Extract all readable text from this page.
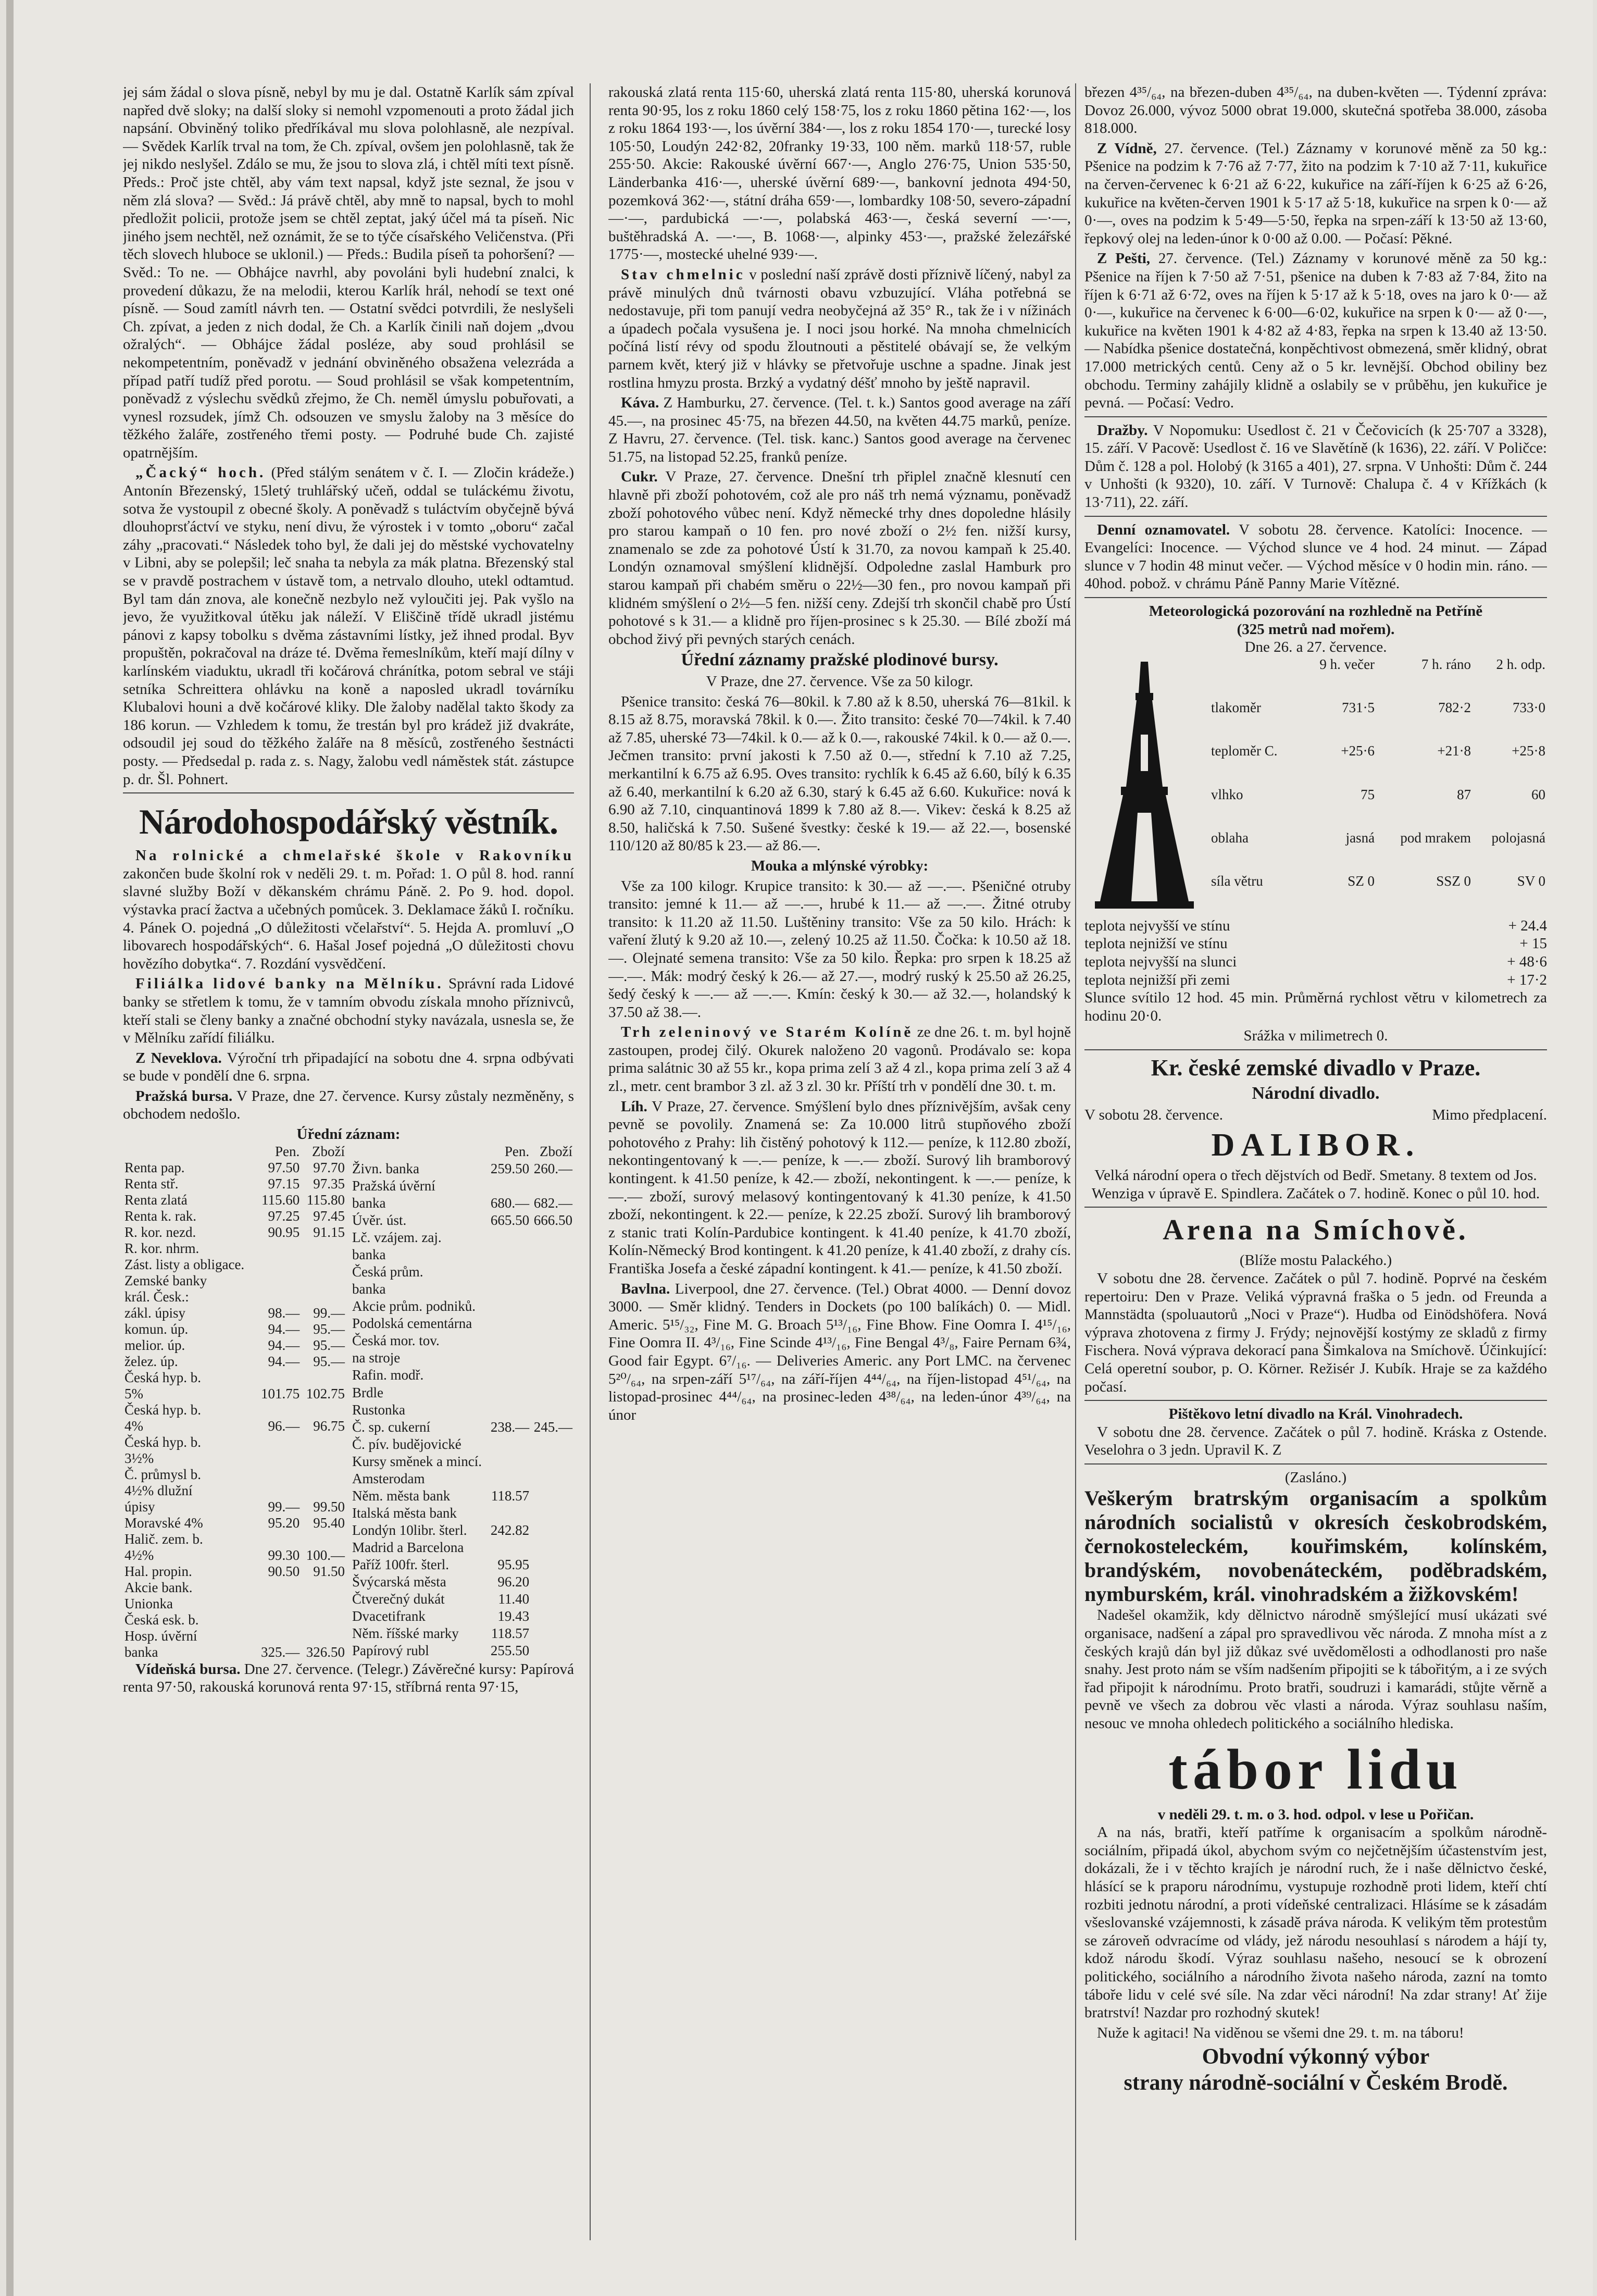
jej sám žádal o slova písně, nebyl by mu je dal. Ostatně Karlík sám zpíval napřed dvě sloky; na další sloky si nemohl vzpomenouti a proto žádal jich napsání. Obviněný toliko předříkával mu slova polohlasně, ale nezpíval. — Svědek Karlík trval na tom, že Ch. zpíval, ovšem jen polohlasně, tak že jej nikdo neslyšel. Zdálo se mu, že jsou to slova zlá, i chtěl míti text písně. Předs.: Proč jste chtěl, aby vám text napsal, když jste seznal, že jsou v něm zlá slova? — Svěd.: Já právě chtěl, aby mně to napsal, bych to mohl předložit policii, protože jsem se chtěl zeptat, jaký účel má ta píseň. Nic jiného jsem nechtěl, než oznámit, že se to týče císařského Veličenstva. (Při těch slovech hluboce se uklonil.) — Předs.: Budila píseň ta pohoršení? — Svěd.: To ne. — Obhájce navrhl, aby povoláni byli hudební znalci, k provedení důkazu, že na melodii, kterou Karlík hrál, nehodí se text oné písně. — Soud zamítl návrh ten. — Ostatní svědci potvrdili, že neslyšeli Ch. zpívat, a jeden z nich dodal, že Ch. a Karlík činili naň dojem „dvou ožralých“. — Obhájce žádal posléze, aby soud prohlásil se nekompetentním, poněvadž v jednání obviněného obsažena velezráda a případ patří tudíž před porotu. — Soud prohlásil se však kompetentním, poněvadž z výslechu svědků zřejmo, že Ch. neměl úmyslu pobuřovati, a vynesl rozsudek, jímž Ch. odsouzen ve smyslu žaloby na 3 měsíce do těžkého žaláře, zostřeného třemi posty. — Podruhé bude Ch. zajisté opatrnějším.

„Čacký“ hoch. (Před stálým senátem v č. I. — Zločin krádeže.) Antonín Březenský, 15letý truhlářský učeň, oddal se tuláckému životu, sotva že vystoupil z obecné školy. A poněvadž s tuláctvím obyčejně bývá dlouhoprsťáctví ve styku, není divu, že výrostek i v tomto „oboru“ začal záhy „pracovati.“ Následek toho byl, že dali jej do městské vychovatelny v Libni, aby se polepšil; leč snaha ta nebyla za mák platna. Březenský stal se v pravdě postrachem v ústavě tom, a netrvalo dlouho, utekl odtamtud. Byl tam dán znova, ale konečně nezbylo než vyloučiti jej. Pak vyšlo na jevo, že využitkoval útěku jak náleží. V Eliščině třídě ukradl jistému pánovi z kapsy tobolku s dvěma zástavními lístky, jež ihned prodal. Byv propuštěn, pokračoval na dráze té. Dvěma řemeslníkům, kteří mají dílny v karlínském viaduktu, ukradl tři kočárová chránítka, potom sebral ve stáji setníka Schreittera ohlávku na koně a naposled ukradl továrníku Klubalovi houni a dvě kočárové kliky. Dle žaloby nadělal takto škody za 186 korun. — Vzhledem k tomu, že trestán byl pro krádež již dvakráte, odsoudil jej soud do těžkého žaláře na 8 měsíců, zostřeného šestnácti posty. — Předsedal p. rada z. s. Nagy, žalobu vedl náměstek stát. zástupce p. dr. Šl. Pohnert.

Národohospodářský věstník.

Na rolnické a chmelařské škole v Rakovníku zakončen bude školní rok v neděli 29. t. m. Pořad: 1. O půl 8. hod. ranní slavné služby Boží v děkanském chrámu Páně. 2. Po 9. hod. dopol. výstavka prací žactva a učebných pomůcek. 3. Deklamace žáků I. ročníku. 4. Pánek O. pojedná „O důležitosti včelařství“. 5. Hejda A. promluví „O libovarech hospodářských“. 6. Hašal Josef pojedná „O důležitosti chovu hovězího dobytka“. 7. Rozdání vysvědčení.

Filiálka lidové banky na Mělníku. Správní rada Lidové banky se střetlem k tomu, že v tamním obvodu získala mnoho příznivců, kteří stali se členy banky a značné obchodní styky navázala, usnesla se, že v Mělníku zařídí filiálku.

Z Neveklova. Výroční trh připadající na sobotu dne 4. srpna odbývati se bude v pondělí dne 6. srpna.

Pražská bursa. V Praze, dne 27. července. Kursy zůstaly nezměněny, s obchodem nedošlo.

Úřední záznam:
	Pen.	Zboží
Renta pap.	97.50	97.70
Renta stř.	97.15	97.35
Renta zlatá	115.60	115.80
Renta k. rak.	97.25	97.45
R. kor. nezd.	90.95	91.15
R. kor. nhrm.		
Zást. listy a obligace.		
Zemské banky		
král. Česk.:		
zákl. úpisy	98.—	99.—
komun. úp.	94.—	95.—
melior. úp.	94.—	95.—
želez. úp.	94.—	95.—
Česká hyp. b.		
5%	101.75	102.75
Česká hyp. b.		
4%	96.—	96.75
Česká hyp. b.		
3½%		
Č. průmysl b.		
4½% dlužní		
úpisy	99.—	99.50
Moravské 4%	95.20	95.40
Halič. zem. b.		
4½%	99.30	100.—
Hal. propin.	90.50	91.50
Akcie bank.		
Unionka		
Česká esk. b.		
Hosp. úvěrní		
banka	325.—	326.50
	Pen.	Zboží
Živn. banka	259.50	260.—
Pražská úvěrní		
banka	680.—	682.—
Úvěr. úst.	665.50	666.50
Lč. vzájem. zaj.		
banka		
Česká prům.		
banka		
Akcie prům. podniků.		
Podolská cementárna		
Česká mor. tov.		
na stroje		
Rafin. modř.		
Brdle		
Rustonka		
Č. sp. cukerní	238.—	245.—
Č. pív. budějovické		
Kursy směnek a mincí.		
Amsterodam		
Něm. města bank	118.57	
Italská města bank		
Londýn 10libr. šterl.	242.82	
Madrid a Barcelona		
Paříž 100fr. šterl.	95.95	
Švýcarská města	96.20	
Čtverečný dukát	11.40	
Dvacetifrank	19.43	
Něm. říšské marky	118.57	
Papírový rubl	255.50	

Vídeňská bursa. Dne 27. července. (Telegr.) Závěrečné kursy: Papírová renta 97·50, rakouská korunová renta 97·15, stříbrná renta 97·15,

rakouská zlatá renta 115·60, uherská zlatá renta 115·80, uherská korunová renta 90·95, los z roku 1860 celý 158·75, los z roku 1860 pětina 162·—, los z roku 1864 193·—, los úvěrní 384·—, los z roku 1854 170·—, turecké losy 105·50, Loudýn 242·82, 20franky 19·33, 100 něm. marků 118·57, ruble 255·50. Akcie: Rakouské úvěrní 667·—, Anglo 276·75, Union 535·50, Länderbanka 416·—, uherské úvěrní 689·—, bankovní jednota 494·50, pozemková 362·—, státní dráha 659·—, lombardky 108·50, severo-západní —·—, pardubická —·—, polabská 463·—, česká severní —·—, buštěhradská A. —·—, B. 1068·—, alpinky 453·—, pražské železářské 1775·—, mostecké uhelné 939·—.

Stav chmelnic v poslední naší zprávě dosti příznivě líčený, nabyl za právě minulých dnů tvárnosti obavu vzbuzující. Vláha potřebná se nedostavuje, při tom panují vedra neobyčejná až 35° R., tak že i v nížinách a úpadech počala vysušena je. I noci jsou horké. Na mnoha chmelnicích počíná listí révy od spodu žloutnouti a pěstitelé obávají se, že velkým parnem květ, který již v hlávky se přetvořuje uschne a spadne. Jinak jest rostlina hmyzu prosta. Brzký a vydatný déšť mnoho by ještě napravil.

Káva. Z Hamburku, 27. července. (Tel. t. k.) Santos good average na září 45.—, na prosinec 45·75, na březen 44.50, na květen 44.75 marků, peníze. Z Havru, 27. července. (Tel. tisk. kanc.) Santos good average na červenec 51.75, na listopad 52.25, franků peníze.

Cukr. V Praze, 27. července. Dnešní trh připlel značně klesnutí cen hlavně při zboží pohotovém, což ale pro náš trh nemá významu, poněvadž zboží pohotového vůbec není. Když německé trhy dnes dopoledne hlásily pro starou kampaň o 10 fen. pro nové zboží o 2½ fen. nižší kursy, znamenalo se zde za pohotové Ústí k 31.70, za novou kampaň k 25.40. Londýn oznamoval smýšlení klidnější. Odpoledne zaslal Hamburk pro starou kampaň při chabém směru o 22½—30 fen., pro novou kampaň při klidném smýšlení o 2½—5 fen. nižší ceny. Zdejší trh skončil chabě pro Ústí pohotové s k 31.— a klidně pro říjen-prosinec s k 25.30. — Bílé zboží má obchod živý při pevných starých cenách.

Úřední záznamy pražské plodinové bursy.

V Praze, dne 27. července. Vše za 50 kilogr.

Pšenice transito: česká 76—80kil. k 7.80 až k 8.50, uherská 76—81kil. k 8.15 až 8.75, moravská 78kil. k 0.—. Žito transito: české 70—74kil. k 7.40 až 7.85, uherské 73—74kil. k 0.— až k 0.—, rakouské 74kil. k 0.— až 0.—. Ječmen transito: první jakosti k 7.50 až 0.—, střední k 7.10 až 7.25, merkantilní k 6.75 až 6.95. Oves transito: rychlík k 6.45 až 6.60, bílý k 6.35 až 6.40, merkantilní k 6.20 až 6.30, starý k 6.45 až 6.60. Kukuřice: nová k 6.90 až 7.10, cinquantinová 1899 k 7.80 až 8.—. Vikev: česká k 8.25 až 8.50, haličská k 7.50. Sušené švestky: české k 19.— až 22.—, bosenské 110/120 až 80/85 k 23.— až 86.—.

Mouka a mlýnské výrobky:

Vše za 100 kilogr. Krupice transito: k 30.— až —.—. Pšeničné otruby transito: jemné k 11.— až —.—, hrubé k 11.— až —.—. Žitné otruby transito: k 11.20 až 11.50. Luštěniny transito: Vše za 50 kilo. Hrách: k vaření žlutý k 9.20 až 10.—, zelený 10.25 až 11.50. Čočka: k 10.50 až 18.—. Olejnaté semena transito: Vše za 50 kilo. Řepka: pro srpen k 18.25 až —.—. Mák: modrý český k 26.— až 27.—, modrý ruský k 25.50 až 26.25, šedý český k —.— až —.—. Kmín: český k 30.— až 32.—, holandský k 37.50 až 38.—.

Trh zeleninový ve Starém Kolíně ze dne 26. t. m. byl hojně zastoupen, prodej čilý. Okurek naloženo 20 vagonů. Prodávalo se: kopa prima salátnic 30 až 55 kr., kopa prima zelí 3 až 4 zl., kopa prima zelí 3 až 4 zl., metr. cent brambor 3 zl. až 3 zl. 30 kr. Příští trh v pondělí dne 30. t. m.

Líh. V Praze, 27. července. Smýšlení bylo dnes příznivějším, avšak ceny pevně se povolily. Znamená se: Za 10.000 litrů stupňového zboží pohotového z Prahy: lih čistěný pohotový k 112.— peníze, k 112.80 zboží, nekontingentovaný k —.— peníze, k —.— zboží. Surový lih bramborový kontingent. k 41.50 peníze, k 42.— zboží, nekontingent. k —.— peníze, k —.— zboží, surový melasový kontingentovaný k 41.30 peníze, k 41.50 zboží, nekontingent. k 22.— peníze, k 22.25 zboží. Surový lih bramborový z stanic trati Kolín-Pardubice kontingent. k 41.40 peníze, k 41.70 zboží, Kolín-Německý Brod kontingent. k 41.20 peníze, k 41.40 zboží, z drahy cís. Františka Josefa a české západní kontingent. k 41.— peníze, k 41.50 zboží.

Bavlna. Liverpool, dne 27. července. (Tel.) Obrat 4000. — Denní dovoz 3000. — Směr klidný. Tenders in Dockets (po 100 balíkách) 0. — Midl. Americ. 5¹⁵/₃₂, Fine M. G. Broach 5¹³/₁₆, Fine Bhow. Fine Oomra I. 4¹⁵/₁₆, Fine Oomra II. 4³/₁₆, Fine Scinde 4¹³/₁₆, Fine Bengal 4³/₈, Faire Pernam 6¾, Good fair Egypt. 6⁷/₁₆. — Deliveries Americ. any Port LMC. na červenec 5²⁰/₆₄, na srpen-září 5¹⁷/₆₄, na září-říjen 4⁴⁴/₆₄, na říjen-listopad 4⁵¹/₆₄, na listopad-prosinec 4⁴⁴/₆₄, na prosinec-leden 4³⁸/₆₄, na leden-únor 4³⁹/₆₄, na únor

březen 4³⁵/₆₄, na březen-duben 4³⁵/₆₄, na duben-květen —. Týdenní zpráva: Dovoz 26.000, vývoz 5000 obrat 19.000, skutečná spotřeba 38.000, zásoba 818.000.

Z Vídně, 27. července. (Tel.) Záznamy v korunové měně za 50 kg.: Pšenice na podzim k 7·76 až 7·77, žito na podzim k 7·10 až 7·11, kukuřice na červen-červenec k 6·21 až 6·22, kukuřice na září-říjen k 6·25 až 6·26, kukuřice na květen-červen 1901 k 5·17 až 5·18, kukuřice na srpen k 0·— až 0·—, oves na podzim k 5·49—5·50, řepka na srpen-září k 13·50 až 13·60, řepkový olej na leden-únor k 0·00 až 0.00. — Počasí: Pěkné.

Z Pešti, 27. července. (Tel.) Záznamy v korunové měně za 50 kg.: Pšenice na říjen k 7·50 až 7·51, pšenice na duben k 7·83 až 7·84, žito na říjen k 6·71 až 6·72, oves na říjen k 5·17 až k 5·18, oves na jaro k 0·— až 0·—, kukuřice na červenec k 6·00—6·02, kukuřice na srpen k 0·— až 0·—, kukuřice na květen 1901 k 4·82 až 4·83, řepka na srpen k 13.40 až 13·50. — Nabídka pšenice dostatečná, konpěchtivost obmezená, směr klidný, obrat 17.000 metrických centů. Ceny až o 5 kr. levnější. Obchod obiliny bez obchodu. Terminy zahájily klidně a oslabily se v průběhu, jen kukuřice je pevná. — Počasí: Vedro.

Dražby. V Nopomuku: Usedlost č. 21 v Čečovicích (k 25·707 a 3328), 15. září. V Pacově: Usedlost č. 16 ve Slavětíně (k 1636), 22. září. V Poličce: Dům č. 128 a pol. Holobý (k 3165 a 401), 27. srpna. V Unhošti: Dům č. 244 v Unhošti (k 9320), 10. září. V Turnově: Chalupa č. 4 v Křížkách (k 13·711), 22. září.

Denní oznamovatel. V sobotu 28. července. Katolíci: Inocence. — Evangelíci: Inocence. — Východ slunce ve 4 hod. 24 minut. — Západ slunce v 7 hodin 48 minut večer. — Východ měsíce v 0 hodin min. ráno. — 40hod. pobož. v chrámu Páně Panny Marie Vítězné.

Meteorologická pozorování na rozhledně na Petříně
(325 metrů nad mořem).
Dne 26. a 27. července.
	9 h. večer	7 h. ráno	2 h. odp.
tlakoměr	731·5	782·2	733·0
teploměr C.	+25·6	+21·8	+25·8
vlhko	75	87	60
oblaha	jasná	pod mrakem	polojasná
síla větru	SZ 0	SSZ 0	SV 0
teplota nejvyšší ve stínu	+ 24.4
teplota nejnižší ve stínu	+ 15
teplota nejvyšší na slunci	+ 48·6
teplota nejnižší při zemi	+ 17·2

Slunce svítilo 12 hod. 45 min. Průměrná rychlost větru v kilometrech za hodinu 20·0.

Srážka v milimetrech 0.

Kr. české zemské divadlo v Praze.
Národní divadlo.
V sobotu 28. července.	Mimo předplacení.
DALIBOR.

Velká národní opera o třech dějstvích od Bedř. Smetany. 8 textem od Jos. Wenziga v úpravě E. Spindlera. Začátek o 7. hodině. Konec o půl 10. hod.

Arena na Smíchově.
(Blíže mostu Palackého.)

V sobotu dne 28. července. Začátek o půl 7. hodině. Poprvé na českém repertoiru: Den v Praze. Veliká výpravná fraška o 5 jedn. od Freunda a Mannstädta (spoluautorů „Noci v Praze“). Hudba od Einödshöfera. Nová výprava zhotovena z firmy J. Frýdy; nejnovější kostýmy ze skladů z firmy Fischera. Nová výprava dekorací pana Šimkalova na Smíchově. Účinkující: Celá operetní soubor, p. O. Körner. Režisér J. Kubík. Hraje se za každého počasí.

Pištěkovo letní divadlo na Král. Vinohradech.

V sobotu dne 28. července. Začátek o půl 7. hodině. Kráska z Ostende. Veselohra o 3 jedn. Upravil K. Z

(Zasláno.)
Veškerým bratrským organisacím a spolkům národních socialistů v okresích českobrodském, černokosteleckém, kouřimském, kolínském, brandýském, novobenáteckém, poděbradském, nymburském, král. vinohradském a žižkovském!

Nadešel okamžik, kdy dělnictvo národně smýšlející musí ukázati své organisace, nadšení a zápal pro spravedlivou věc národa. Z mnoha míst a z českých krajů dán byl již důkaz své uvědomělosti a odhodlanosti pro naše snahy. Jest proto nám se vším nadšením připojiti se k tábořitým, a i ze svých řad připojit k národnímu. Proto bratři, soudruzi i kamarádi, stůjte věrně a pevně ve všech za dobrou věc vlasti a národa. Výraz souhlasu naším, nesouc ve mnoha ohledech politického a sociálního hlediska.

tábor lidu
v neděli 29. t. m. o 3. hod. odpol. v lese u Pořičan.

A na nás, bratři, kteří patříme k organisacím a spolkům národně-sociálním, připadá úkol, abychom svým co nejčetnějším účastenstvím jest, dokázali, že i v těchto krajích je národní ruch, že i naše dělnictvo české, hlásící se k praporu národnímu, vystupuje rozhodně proti lidem, kteří chtí rozbiti jednotu národní, a proti vídeňské centralizaci. Hlásíme se k zásadám všeslovanské vzájemnosti, k zásadě práva národa. K velikým těm protestům se zároveň odvracíme od vlády, jež národu nesouhlasí s národem a hájí ty, kdož národu škodí. Výraz souhlasu našeho, nesoucí se k obrození politického, sociálního a národního života našeho národa, zazní na tomto táboře lidu v celé své síle. Na zdar věci národní! Na zdar strany! Ať žije bratrství! Nazdar pro rozhodný skutek!

Nuže k agitaci! Na viděnou se všemi dne 29. t. m. na táboru!

Obvodní výkonný výbor
strany národně-sociální v Českém Brodě.
